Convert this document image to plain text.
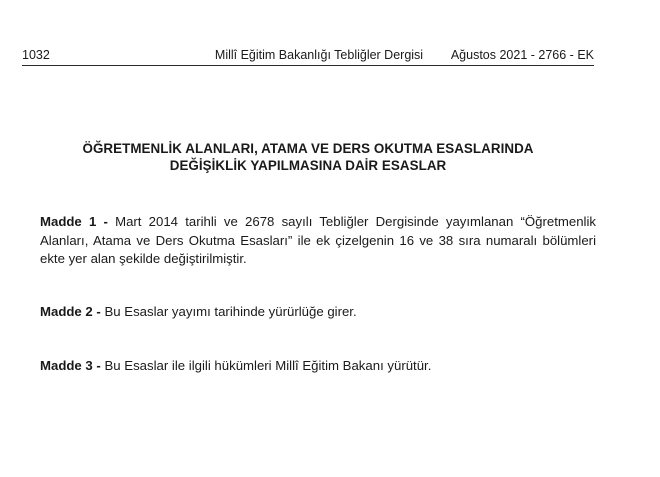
1032	Millî Eğitim Bakanlığı Tebliğler Dergisi	Ağustos 2021 - 2766 - EK
ÖĞRETMENLİK ALANLARI, ATAMA VE DERS OKUTMA ESASLARINDA
DEĞİŞİKLİK YAPILMASINA DAİR ESASLAR

Madde 1 - Mart 2014 tarihli ve 2678 sayılı Tebliğler Dergisinde yayımlanan “Öğretmenlik Alanları, Atama ve Ders Okutma Esasları” ile ek çizelgenin 16 ve 38 sıra numaralı bölümleri ekte yer alan şekilde değiştirilmiştir.

Madde 2 - Bu Esaslar yayımı tarihinde yürürlüğe girer.

Madde 3 - Bu Esaslar ile ilgili hükümleri Millî Eğitim Bakanı yürütür.
